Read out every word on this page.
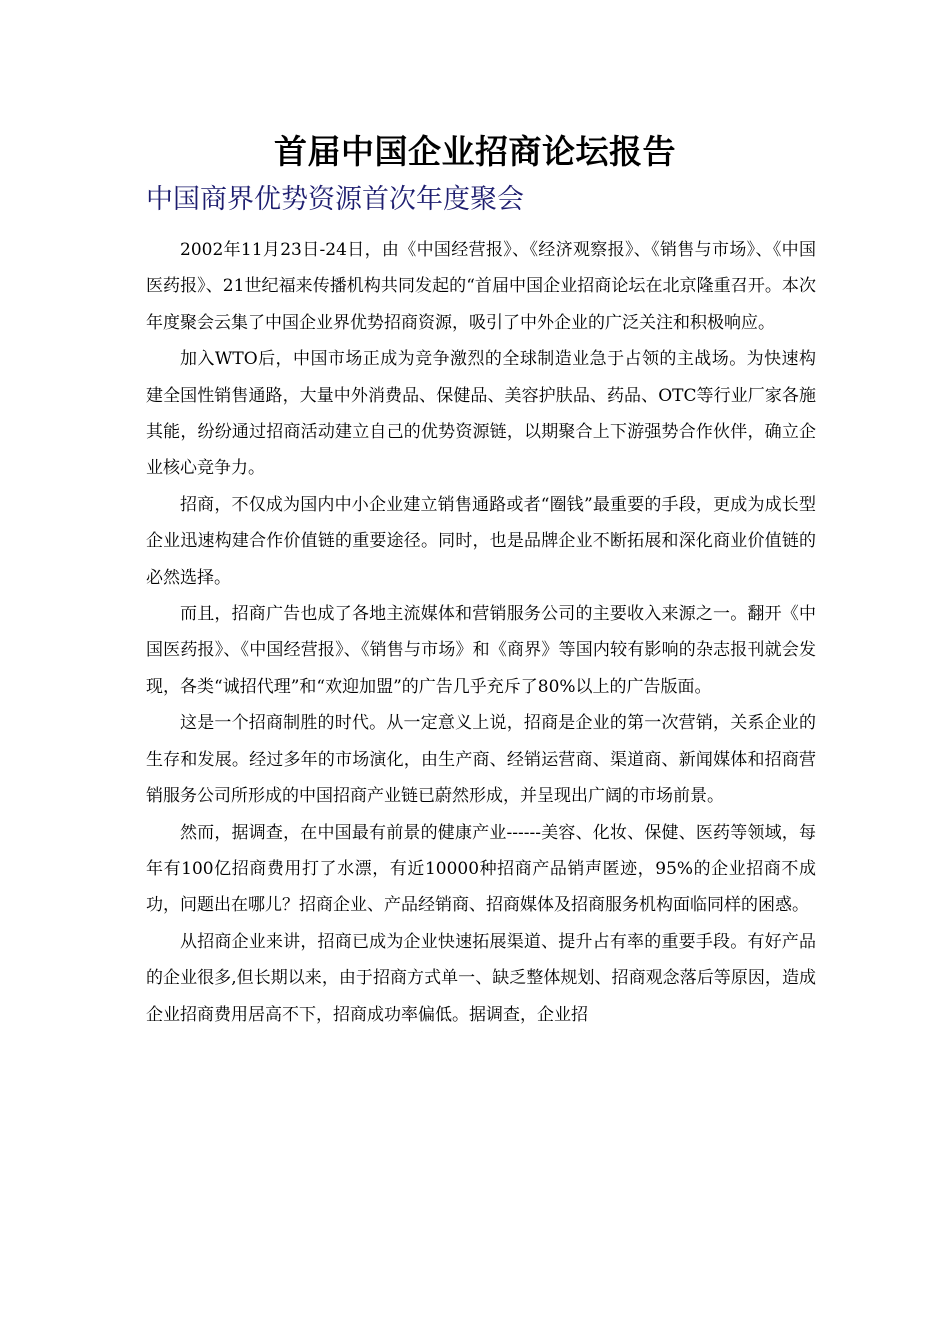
首届中国企业招商论坛报告
中国商界优势资源首次年度聚会

2002年11月23日-24日，由《中国经营报》、《经济观察报》、《销售与市场》、《中国医药报》、21世纪福来传播机构共同发起的“首届中国企业招商论坛在北京隆重召开。本次年度聚会云集了中国企业界优势招商资源，吸引了中外企业的广泛关注和积极响应。

加入WTO后，中国市场正成为竞争激烈的全球制造业急于占领的主战场。为快速构建全国性销售通路，大量中外消费品、保健品、美容护肤品、药品、OTC等行业厂家各施其能，纷纷通过招商活动建立自己的优势资源链，以期聚合上下游强势合作伙伴，确立企业核心竞争力。

招商，不仅成为国内中小企业建立销售通路或者“圈钱”最重要的手段，更成为成长型企业迅速构建合作价值链的重要途径。同时，也是品牌企业不断拓展和深化商业价值链的必然选择。

而且，招商广告也成了各地主流媒体和营销服务公司的主要收入来源之一。翻开《中国医药报》、《中国经营报》、《销售与市场》和《商界》等国内较有影响的杂志报刊就会发现，各类“诚招代理”和“欢迎加盟”的广告几乎充斥了80%以上的广告版面。

这是一个招商制胜的时代。从一定意义上说，招商是企业的第一次营销，关系企业的生存和发展。经过多年的市场演化，由生产商、经销运营商、渠道商、新闻媒体和招商营销服务公司所形成的中国招商产业链已蔚然形成，并呈现出广阔的市场前景。

然而，据调查，在中国最有前景的健康产业------美容、化妆、保健、医药等领域，每年有100亿招商费用打了水漂，有近10000种招商产品销声匿迹，95%的企业招商不成功，问题出在哪儿？招商企业、产品经销商、招商媒体及招商服务机构面临同样的困惑。

从招商企业来讲，招商已成为企业快速拓展渠道、提升占有率的重要手段。有好产品的企业很多,但长期以来，由于招商方式单一、缺乏整体规划、招商观念落后等原因，造成企业招商费用居高不下，招商成功率偏低。据调查，企业招
